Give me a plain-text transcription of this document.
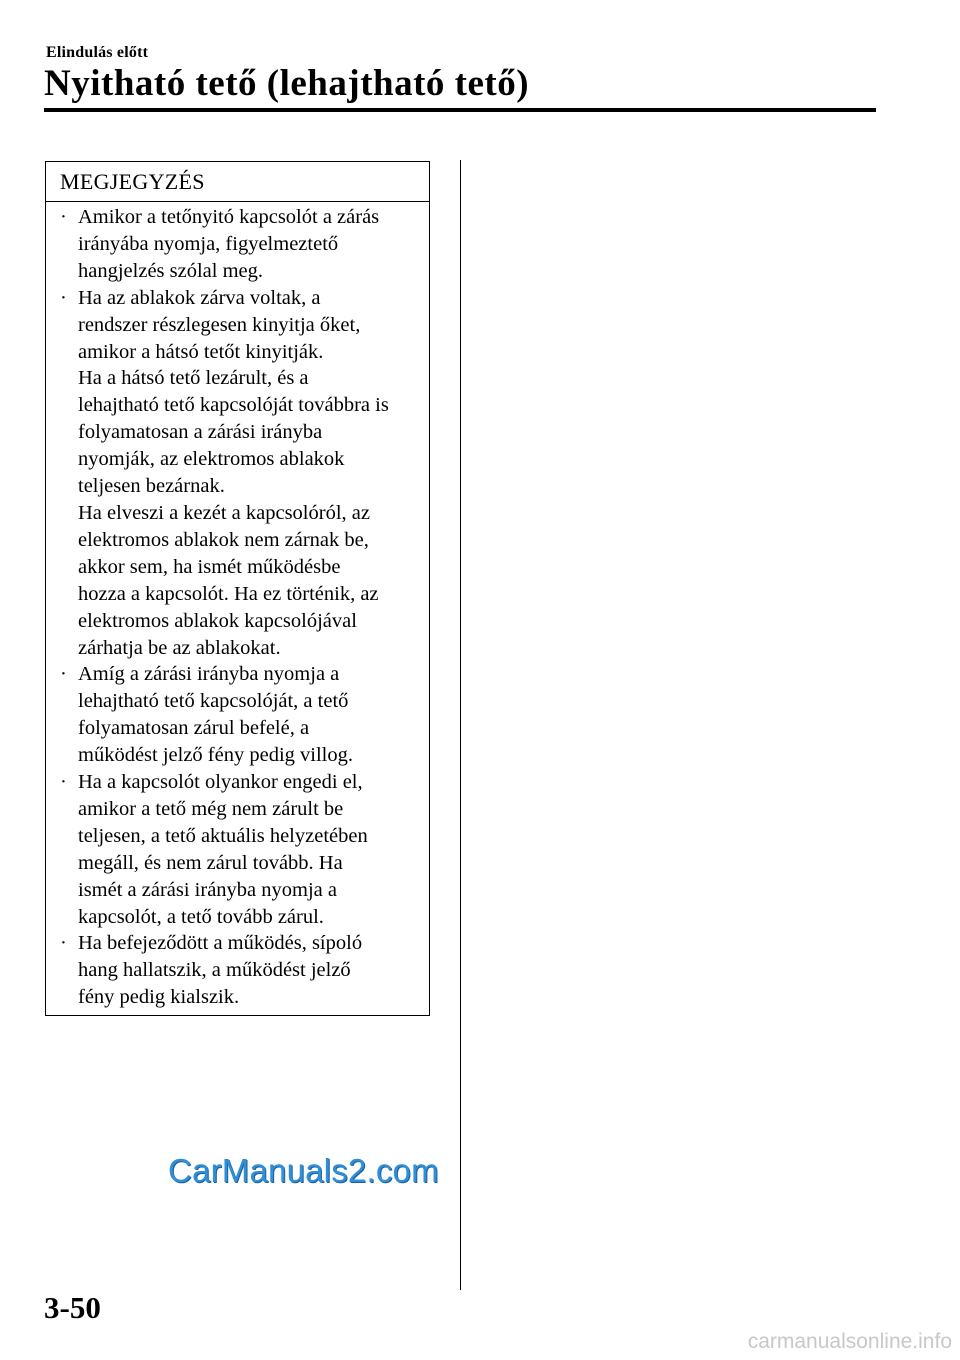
Elindulás előtt
Nyitható tető (lehajtható tető)
MEGJEGYZÉS
· Amikor a tetőnyitó kapcsolót a zárás
irányába nyomja, figyelmeztető
hangjelzés szólal meg.
· Ha az ablakok zárva voltak, a
rendszer részlegesen kinyitja őket,
amikor a hátsó tetőt kinyitják.
Ha a hátsó tető lezárult, és a
lehajtható tető kapcsolóját továbbra is
folyamatosan a zárási irányba
nyomják, az elektromos ablakok
teljesen bezárnak.
Ha elveszi a kezét a kapcsolóról, az
elektromos ablakok nem zárnak be,
akkor sem, ha ismét működésbe
hozza a kapcsolót. Ha ez történik, az
elektromos ablakok kapcsolójával
zárhatja be az ablakokat.
· Amíg a zárási irányba nyomja a
lehajtható tető kapcsolóját, a tető
folyamatosan zárul befelé, a
működést jelző fény pedig villog.
· Ha a kapcsolót olyankor engedi el,
amikor a tető még nem zárult be
teljesen, a tető aktuális helyzetében
megáll, és nem zárul tovább. Ha
ismét a zárási irányba nyomja a
kapcsolót, a tető tovább zárul.
· Ha befejeződött a működés, sípoló
hang hallatszik, a működést jelző
fény pedig kialszik.
CarManuals2.com
3-50
carmanualsonline.info
